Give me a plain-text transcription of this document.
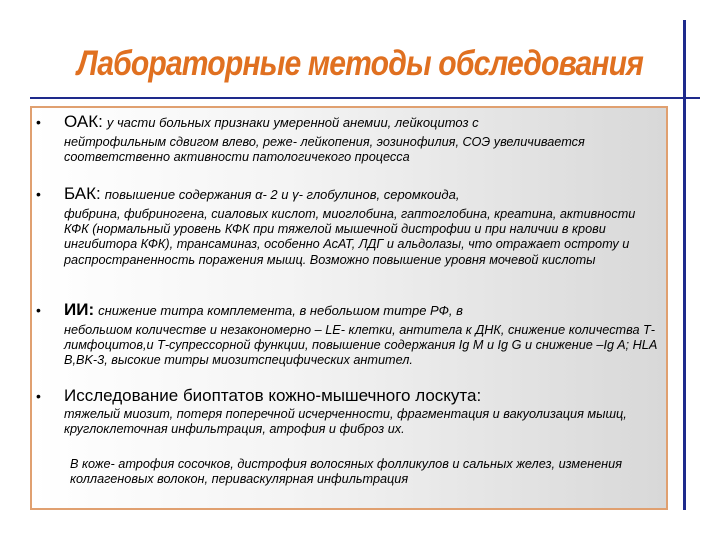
Лабораторные методы обследования
• ОАК: у части больных признаки умеренной анемии, лейкоцитоз с
нейтрофильным сдвигом влево, реже- лейкопения, эозинофилия, СОЭ увеличивается соответственно активности патологичекого процесса
• БАК: повышение содержания α- 2 и γ- глобулинов, серомкоида,
фибрина, фибриногена, сиаловых кислот, миоглобина, гаптоглобина, креатина, активности КФК (нормальный уровень КФК при тяжелой мышечной дистрофии и при наличии в крови ингибитора КФК), трансаминаз, особенно АсАТ, ЛДГ и альдолазы, что отражает остроту и распространенность поражения мышц. Возможно повышение уровня мочевой кислоты
• ИИ: снижение титра комплемента, в небольшом титре РФ, в
небольшом количестве и незакономерно – LE- клетки, антитела к ДНК, снижение количества Т-лимфоцитов,и Т-супрессорной функции, повышение содержания Ig M и Ig G и снижение –Ig A; HLA B,BK-3, высокие титры миозитспецифических антител.
• Исследование биоптатов кожно-мышечного лоскута:
тяжелый миозит, потеря поперечной исчерченности, фрагментация и вакуолизация мышц, круглоклеточная инфильтрация, атрофия и фиброз их.
В коже- атрофия сосочков, дистрофия волосяных фолликулов и сальных желез, изменения коллагеновых волокон, периваскулярная инфильтрация
